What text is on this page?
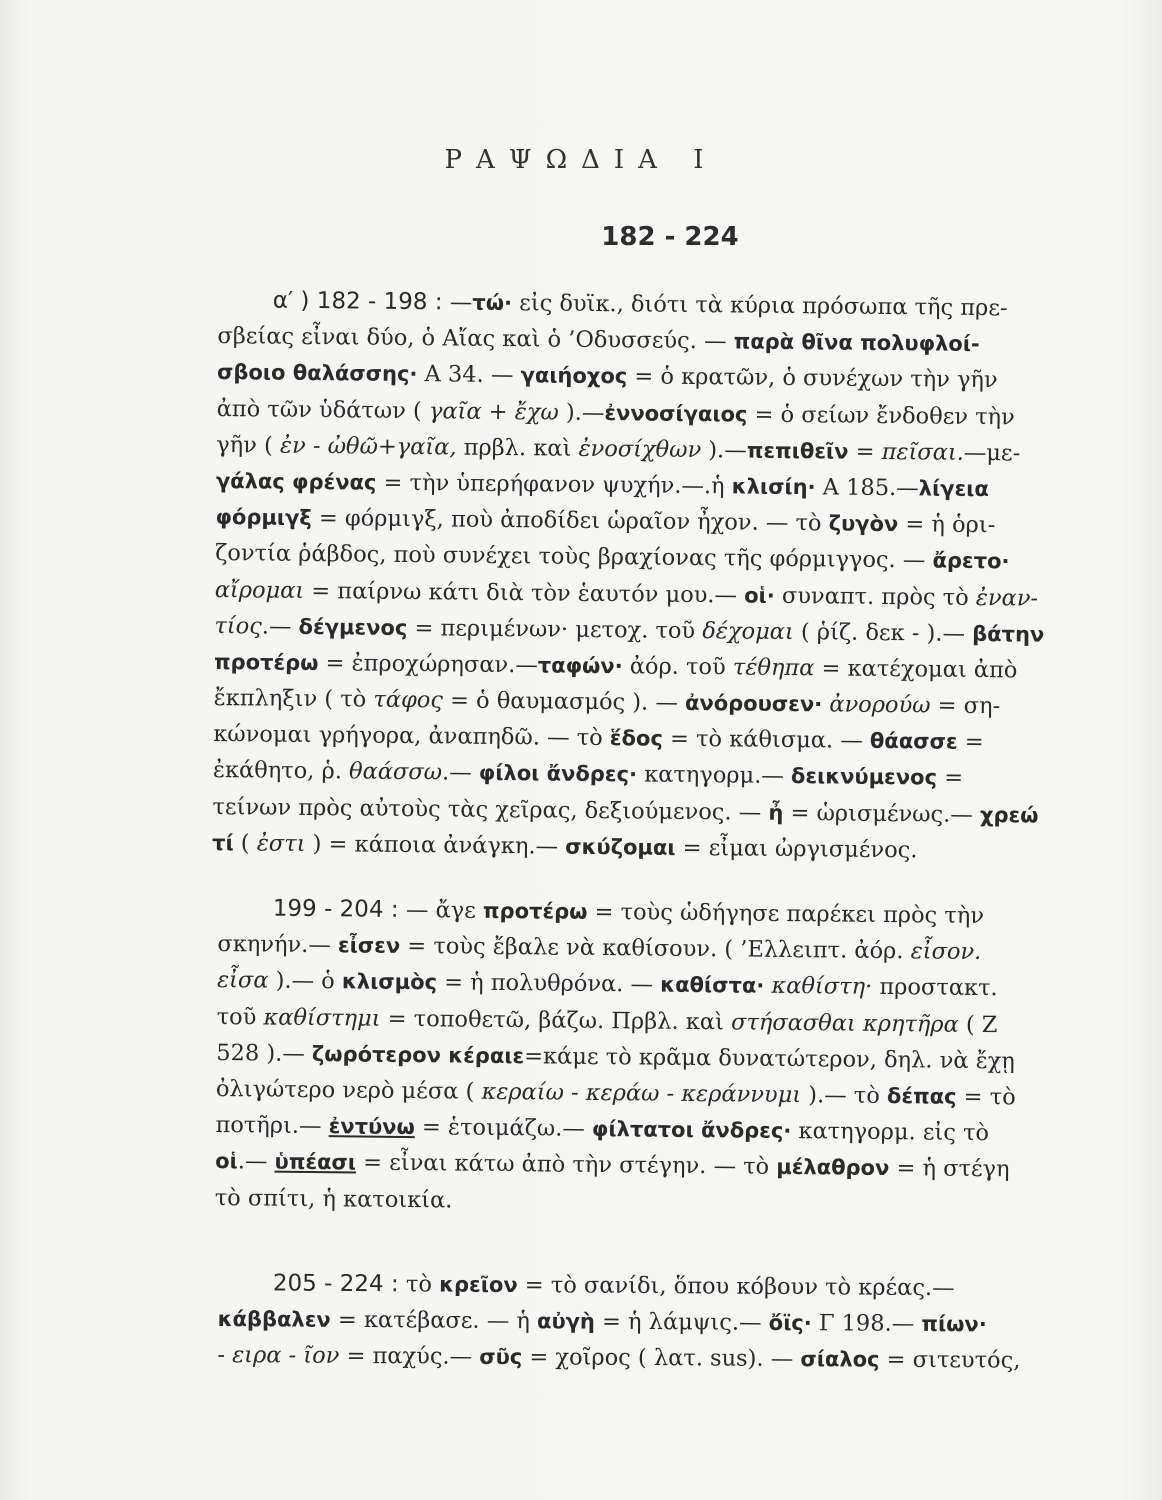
ΡΑΨΩΔΙΑ Ι
182 - 224
α′ ) 182 - 198 : —τώ· εἰς δυϊκ., διότι τὰ κύρια πρόσωπα τῆς πρε-
σβείας εἶναι δύο, ὁ Αἴας καὶ ὁ ’Οδυσσεύς. — παρὰ θῖνα πολυφλοί-
σβοιο θαλάσσης· Α 34. — γαιήοχος = ὁ κρατῶν, ὁ συνέχων τὴν γῆν
ἀπὸ τῶν ὑδάτων ( γαῖα + ἔχω ).—ἐννοσίγαιος = ὁ σείων ἔνδοθεν τὴν
γῆν ( ἐν - ὠθῶ+γαῖα, πρβλ. καὶ ἐνοσίχθων ).—πεπιθεῖν = πεῖσαι.—με-
γάλας φρένας = τὴν ὑπερήφανον ψυχήν.—.ἡ κλισίη· Α 185.—λίγεια
φόρμιγξ = φόρμιγξ, ποὺ ἀποδίδει ὡραῖον ἦχον. — τὸ ζυγὸν = ἡ ὁρι-
ζοντία ῥάβδος, ποὺ συνέχει τοὺς βραχίονας τῆς φόρμιγγος. — ἄρετο·
αἴρομαι = παίρνω κάτι διὰ τὸν ἑαυτόν μου.— οἱ· συναπτ. πρὸς τὸ ἐναν-
τίος.— δέγμενος = περιμένων· μετοχ. τοῦ δέχομαι ( ῥίζ. δεκ - ).— βάτην
προτέρω = ἐπροχώρησαν.—ταφών· ἀόρ. τοῦ τέθηπα = κατέχομαι ἀπὸ
ἔκπληξιν ( τὸ τάφος = ὁ θαυμασμός ). — ἀνόρουσεν· ἀνορούω = ση-
κώνομαι γρήγορα, ἀναπηδῶ. — τὸ ἕδος = τὸ κάθισμα. — θάασσε =
ἐκάθητο, ῥ. θαάσσω.— φίλοι ἄνδρες· κατηγορμ.— δεικνύμενος =
τείνων πρὸς αὐτοὺς τὰς χεῖρας, δεξιούμενος. — ἦ = ὡρισμένως.— χρεώ
τί ( ἐστι ) = κάποια ἀνάγκη.— σκύζομαι = εἶμαι ὠργισμένος.
199 - 204 : — ἄγε προτέρω = τοὺς ὡδήγησε παρέκει πρὸς τὴν
σκηνήν.— εἶσεν = τοὺς ἔβαλε νὰ καθίσουν. ( ’Ελλειπτ. ἀόρ. εἶσον.
εἶσα ).— ὁ κλισμὸς = ἡ πολυθρόνα. — καθίστα· καθίστη· προστακτ.
τοῦ καθίστημι = τοποθετῶ, βάζω. Πρβλ. καὶ στήσασθαι κρητῆρα ( Ζ
528 ).— ζωρότερον κέραιε=κάμε τὸ κρᾶμα δυνατώτερον, δηλ. νὰ ἔχῃ
ὀλιγώτερο νερὸ μέσα ( κεραίω - κεράω - κεράννυμι ).— τὸ δέπας = τὸ
ποτῆρι.— ἐντύνω = ἑτοιμάζω.— φίλτατοι ἄνδρες· κατηγορμ. εἰς τὸ
οἱ.— ὑπέασι = εἶναι κάτω ἀπὸ τὴν στέγην. — τὸ μέλαθρον = ἡ στέγη
τὸ σπίτι, ἡ κατοικία.
205 - 224 : τὸ κρεῖον = τὸ σανίδι, ὅπου κόβουν τὸ κρέας.—
κάββαλεν = κατέβασε. — ἡ αὐγὴ = ἡ λάμψις.— ὄϊς· Γ 198.— πίων·
- ειρα - ῖον = παχύς.— σῦς = χοῖρος ( λατ. sus). — σίαλος = σιτευτός,
